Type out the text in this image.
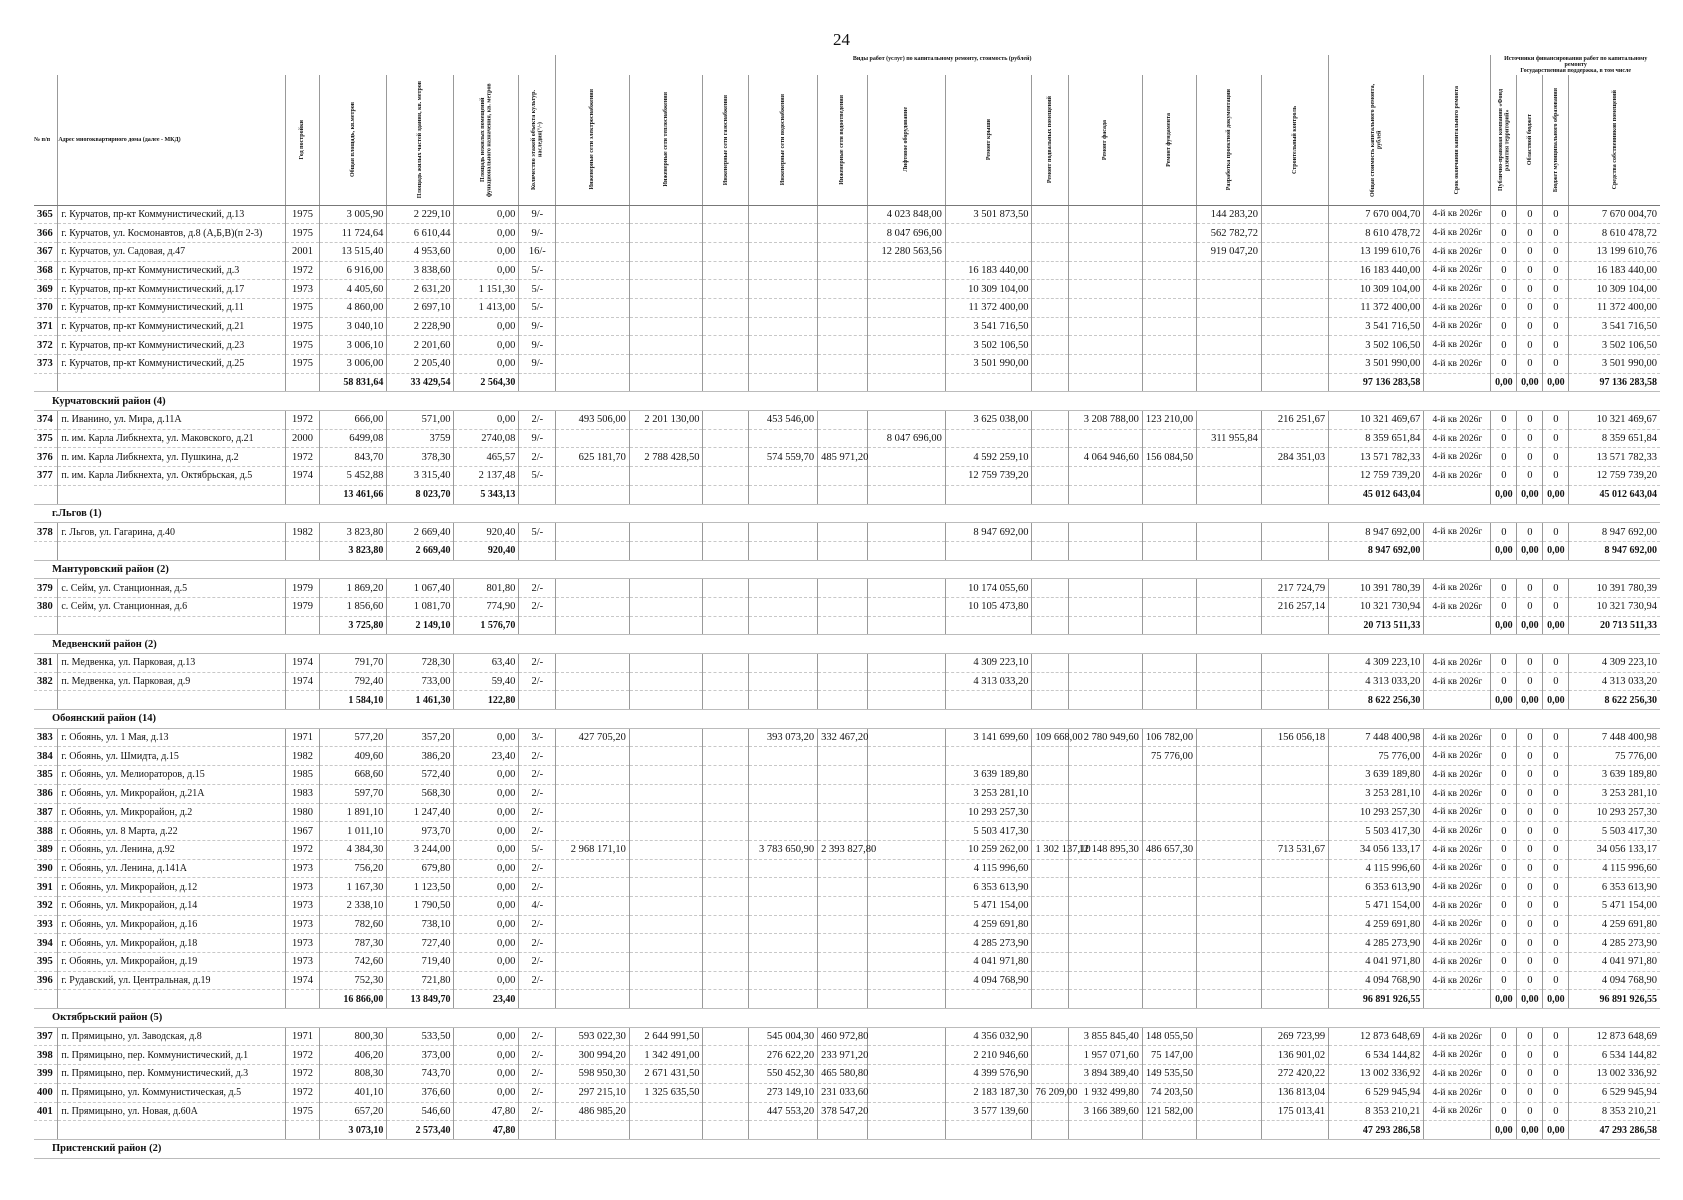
24
							Виды работ (услуг) по капитальному ремонту, стоимость (рублей)														Источники финансирования работ по капитальному ремонту
Государственная поддержка, в том числе			
№ п/п	Адрес многоквартирного дома (далее - МКД)	Год постройки	Общая площадь, кв.метров	Площадь жилых частей здания, кв. метров	Площадь нежилых помещений функционального назначения, кв. метров	Количество этажей объекта культур. наследия(°/-)	Инженерные сети электроснабжения	Инженерные сети теплоснабжения	Инженерные сети газоснабжения	Инженерные сети водоснабжения	Инженерные сети водоотведения	Лифтовое оборудование	Ремонт крыши	Ремонт подвальных помещений	Ремонт фасада	Ремонт фундамента	Разработка проектной документации	Строительный контроль	Общая стоимость капитального ремонта, рублей	Срок окончания капитального ремонта	Публично-правовая компания «Фонд развития территорий»	Областной бюджет	Бюджет муниципального образования	Средства собственников помещений

365	г. Курчатов, пр-кт Коммунистический, д.13	1975	3 005,90	2 229,10	0,00	9/-						4 023 848,00	3 501 873,50				144 283,20		7 670 004,70	4-й кв 2026г	0	0	0	7 670 004,70
366	г. Курчатов, ул. Космонавтов, д.8 (А,Б,В)(п 2-3)	1975	11 724,64	6 610,44	0,00	9/-						8 047 696,00					562 782,72		8 610 478,72	4-й кв 2026г	0	0	0	8 610 478,72
367	г. Курчатов, ул. Садовая, д.47	2001	13 515,40	4 953,60	0,00	16/-						12 280 563,56					919 047,20		13 199 610,76	4-й кв 2026г	0	0	0	13 199 610,76
368	г. Курчатов, пр-кт Коммунистический, д.3	1972	6 916,00	3 838,60	0,00	5/-							16 183 440,00						16 183 440,00	4-й кв 2026г	0	0	0	16 183 440,00
369	г. Курчатов, пр-кт Коммунистический, д.17	1973	4 405,60	2 631,20	1 151,30	5/-							10 309 104,00						10 309 104,00	4-й кв 2026г	0	0	0	10 309 104,00
370	г. Курчатов, пр-кт Коммунистический, д.11	1975	4 860,00	2 697,10	1 413,00	5/-							11 372 400,00						11 372 400,00	4-й кв 2026г	0	0	0	11 372 400,00
371	г. Курчатов, пр-кт Коммунистический, д.21	1975	3 040,10	2 228,90	0,00	9/-							3 541 716,50						3 541 716,50	4-й кв 2026г	0	0	0	3 541 716,50
372	г. Курчатов, пр-кт Коммунистический, д.23	1975	3 006,10	2 201,60	0,00	9/-							3 502 106,50						3 502 106,50	4-й кв 2026г	0	0	0	3 502 106,50
373	г. Курчатов, пр-кт Коммунистический, д.25	1975	3 006,00	2 205,40	0,00	9/-							3 501 990,00						3 501 990,00	4-й кв 2026г	0	0	0	3 501 990,00
			58 831,64	33 429,54	2 564,30														97 136 283,58		0,00	0,00	0,00	97 136 283,58
Курчатовский район (4)																								
374	п. Иванино, ул. Мира, д.11А	1972	666,00	571,00	0,00	2/-	493 506,00	2 201 130,00		453 546,00			3 625 038,00		3 208 788,00	123 210,00		216 251,67	10 321 469,67	4-й кв 2026г	0	0	0	10 321 469,67
375	п. им. Карла Либкнехта, ул. Маковского, д.21	2000	6499,08	3759	2740,08	9/-						8 047 696,00					311 955,84		8 359 651,84	4-й кв 2026г	0	0	0	8 359 651,84
376	п. им. Карла Либкнехта, ул. Пушкина, д.2	1972	843,70	378,30	465,57	2/-	625 181,70	2 788 428,50		574 559,70	485 971,20		4 592 259,10		4 064 946,60	156 084,50		284 351,03	13 571 782,33	4-й кв 2026г	0	0	0	13 571 782,33
377	п. им. Карла Либкнехта, ул. Октябрьская, д.5	1974	5 452,88	3 315,40	2 137,48	5/-							12 759 739,20						12 759 739,20	4-й кв 2026г	0	0	0	12 759 739,20
			13 461,66	8 023,70	5 343,13														45 012 643,04		0,00	0,00	0,00	45 012 643,04
г.Льгов (1)																								
378	г. Льгов, ул. Гагарина, д.40	1982	3 823,80	2 669,40	920,40	5/-							8 947 692,00						8 947 692,00	4-й кв 2026г	0	0	0	8 947 692,00
			3 823,80	2 669,40	920,40														8 947 692,00		0,00	0,00	0,00	8 947 692,00
Мантуровский район (2)																								
379	с. Сейм, ул. Станционная, д.5	1979	1 869,20	1 067,40	801,80	2/-							10 174 055,60					217 724,79	10 391 780,39	4-й кв 2026г	0	0	0	10 391 780,39
380	с. Сейм, ул. Станционная, д.6	1979	1 856,60	1 081,70	774,90	2/-							10 105 473,80					216 257,14	10 321 730,94	4-й кв 2026г	0	0	0	10 321 730,94
			3 725,80	2 149,10	1 576,70														20 713 511,33		0,00	0,00	0,00	20 713 511,33
Медвенский район (2)																								
381	п. Медвенка, ул. Парковая, д.13	1974	791,70	728,30	63,40	2/-							4 309 223,10						4 309 223,10	4-й кв 2026г	0	0	0	4 309 223,10
382	п. Медвенка, ул. Парковая, д.9	1974	792,40	733,00	59,40	2/-							4 313 033,20						4 313 033,20	4-й кв 2026г	0	0	0	4 313 033,20
			1 584,10	1 461,30	122,80														8 622 256,30		0,00	0,00	0,00	8 622 256,30
Обоянский район (14)																								
383	г. Обоянь, ул. 1 Мая, д.13	1971	577,20	357,20	0,00	3/-	427 705,20			393 073,20	332 467,20		3 141 699,60	109 668,00	2 780 949,60	106 782,00		156 056,18	7 448 400,98	4-й кв 2026г	0	0	0	7 448 400,98
384	г. Обоянь, ул. Шмидта, д.15	1982	409,60	386,20	23,40	2/-										75 776,00			75 776,00	4-й кв 2026г	0	0	0	75 776,00
385	г. Обоянь, ул. Мелиораторов, д.15	1985	668,60	572,40	0,00	2/-							3 639 189,80						3 639 189,80	4-й кв 2026г	0	0	0	3 639 189,80
386	г. Обоянь, ул. Микрорайон, д.21А	1983	597,70	568,30	0,00	2/-							3 253 281,10						3 253 281,10	4-й кв 2026г	0	0	0	3 253 281,10
387	г. Обоянь, ул. Микрорайон, д.2	1980	1 891,10	1 247,40	0,00	2/-							10 293 257,30						10 293 257,30	4-й кв 2026г	0	0	0	10 293 257,30
388	г. Обоянь, ул. 8 Марта, д.22	1967	1 011,10	973,70	0,00	2/-							5 503 417,30						5 503 417,30	4-й кв 2026г	0	0	0	5 503 417,30
389	г. Обоянь, ул. Ленина, д.92	1972	4 384,30	3 244,00	0,00	5/-	2 968 171,10			3 783 650,90	2 393 827,80		10 259 262,00	1 302 137,10	12 148 895,30	486 657,30		713 531,67	34 056 133,17	4-й кв 2026г	0	0	0	34 056 133,17
390	г. Обоянь, ул. Ленина, д.141А	1973	756,20	679,80	0,00	2/-							4 115 996,60						4 115 996,60	4-й кв 2026г	0	0	0	4 115 996,60
391	г. Обоянь, ул. Микрорайон, д.12	1973	1 167,30	1 123,50	0,00	2/-							6 353 613,90						6 353 613,90	4-й кв 2026г	0	0	0	6 353 613,90
392	г. Обоянь, ул. Микрорайон, д.14	1973	2 338,10	1 790,50	0,00	4/-							5 471 154,00						5 471 154,00	4-й кв 2026г	0	0	0	5 471 154,00
393	г. Обоянь, ул. Микрорайон, д.16	1973	782,60	738,10	0,00	2/-							4 259 691,80						4 259 691,80	4-й кв 2026г	0	0	0	4 259 691,80
394	г. Обоянь, ул. Микрорайон, д.18	1973	787,30	727,40	0,00	2/-							4 285 273,90						4 285 273,90	4-й кв 2026г	0	0	0	4 285 273,90
395	г. Обоянь, ул. Микрорайон, д.19	1973	742,60	719,40	0,00	2/-							4 041 971,80						4 041 971,80	4-й кв 2026г	0	0	0	4 041 971,80
396	г. Рудавский, ул. Центральная, д.19	1974	752,30	721,80	0,00	2/-							4 094 768,90						4 094 768,90	4-й кв 2026г	0	0	0	4 094 768,90
			16 866,00	13 849,70	23,40														96 891 926,55		0,00	0,00	0,00	96 891 926,55
Октябрьский район (5)																								
397	п. Прямицыно, ул. Заводская, д.8	1971	800,30	533,50	0,00	2/-	593 022,30	2 644 991,50		545 004,30	460 972,80		4 356 032,90		3 855 845,40	148 055,50		269 723,99	12 873 648,69	4-й кв 2026г	0	0	0	12 873 648,69
398	п. Прямицыно, пер. Коммунистический, д.1	1972	406,20	373,00	0,00	2/-	300 994,20	1 342 491,00		276 622,20	233 971,20		2 210 946,60		1 957 071,60	75 147,00		136 901,02	6 534 144,82	4-й кв 2026г	0	0	0	6 534 144,82
399	п. Прямицыно, пер. Коммунистический, д.3	1972	808,30	743,70	0,00	2/-	598 950,30	2 671 431,50		550 452,30	465 580,80		4 399 576,90		3 894 389,40	149 535,50		272 420,22	13 002 336,92	4-й кв 2026г	0	0	0	13 002 336,92
400	п. Прямицыно, ул. Коммунистическая, д.5	1972	401,10	376,60	0,00	2/-	297 215,10	1 325 635,50		273 149,10	231 033,60		2 183 187,30	76 209,00	1 932 499,80	74 203,50		136 813,04	6 529 945,94	4-й кв 2026г	0	0	0	6 529 945,94
401	п. Прямицыно, ул. Новая, д.60А	1975	657,20	546,60	47,80	2/-	486 985,20			447 553,20	378 547,20		3 577 139,60		3 166 389,60	121 582,00		175 013,41	8 353 210,21	4-й кв 2026г	0	0	0	8 353 210,21
			3 073,10	2 573,40	47,80														47 293 286,58		0,00	0,00	0,00	47 293 286,58
Пристенский район (2)																								
